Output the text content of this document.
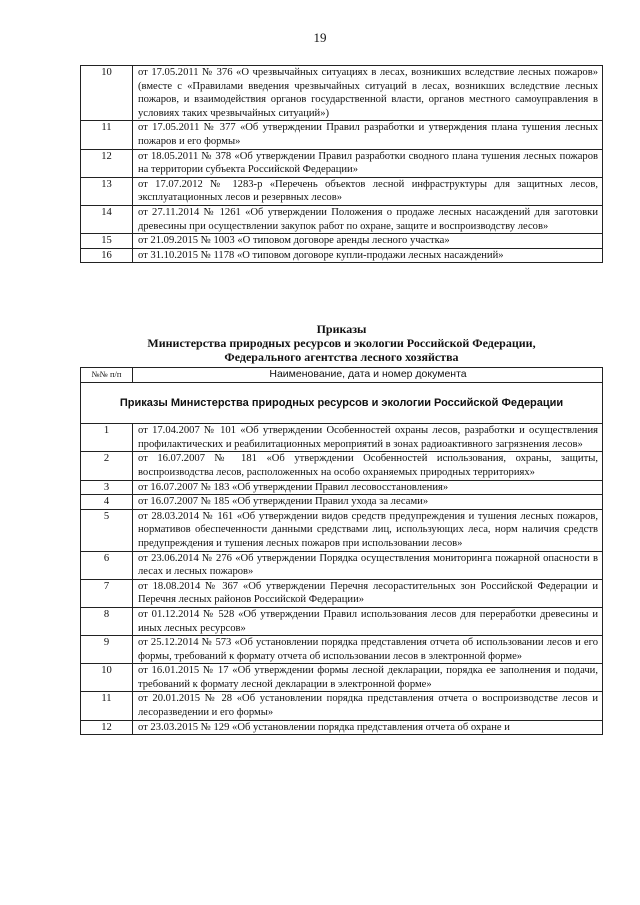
19
10	от 17.05.2011 № 376 «О чрезвычайных ситуациях в лесах, возникших вследствие лесных пожаров» (вместе с «Правилами введения чрезвычайных ситуаций в лесах, возникших вследствие лесных пожаров, и взаимодействия органов государственной власти, органов местного самоуправления в условиях таких чрезвычайных ситуаций»)
11	от 17.05.2011 № 377 «Об утверждении Правил разработки и утверждения плана тушения лесных пожаров и его формы»
12	от 18.05.2011 № 378 «Об утверждении Правил разработки сводного плана тушения лесных пожаров на территории субъекта Российской Федерации»
13	от 17.07.2012 № 1283-р «Перечень объектов лесной инфраструктуры для защитных лесов, эксплуатационных лесов и резервных лесов»
14	от 27.11.2014 № 1261 «Об утверждении Положения о продаже лесных насаждений для заготовки древесины при осуществлении закупок работ по охране, защите и воспроизводству лесов»
15	от 21.09.2015 № 1003 «О типовом договоре аренды лесного участка»
16	от 31.10.2015 № 1178 «О типовом договоре купли-продажи лесных насаждений»
Приказы
Министерства природных ресурсов и экологии Российской Федерации,
Федерального агентства лесного хозяйства
№№ п/п	Наименование, дата и номер документа
Приказы Министерства природных ресурсов и экологии Российской Федерации	
1	от 17.04.2007 № 101 «Об утверждении Особенностей охраны лесов, разработки и осуществления профилактических и реабилитационных мероприятий в зонах радиоактивного загрязнения лесов»
2	от 16.07.2007 № 181 «Об утверждении Особенностей использования, охраны, защиты, воспроизводства лесов, расположенных на особо охраняемых природных территориях»
3	от 16.07.2007 № 183 «Об утверждении Правил лесовосстановления»
4	от 16.07.2007 № 185 «Об утверждении Правил ухода за лесами»
5	от 28.03.2014 № 161 «Об утверждении видов средств предупреждения и тушения лесных пожаров, нормативов обеспеченности данными средствами лиц, использующих леса, норм наличия средств предупреждения и тушения лесных пожаров при использовании лесов»
6	от 23.06.2014 № 276 «Об утверждении Порядка осуществления мониторинга пожарной опасности в лесах и лесных пожаров»
7	от 18.08.2014 № 367 «Об утверждении Перечня лесорастительных зон Российской Федерации и Перечня лесных районов Российской Федерации»
8	от 01.12.2014 № 528 «Об утверждении Правил использования лесов для переработки древесины и иных лесных ресурсов»
9	от 25.12.2014 № 573 «Об установлении порядка представления отчета об использовании лесов и его формы, требований к формату отчета об использовании лесов в электронной форме»
10	от 16.01.2015 № 17 «Об утверждении формы лесной декларации, порядка ее заполнения и подачи, требований к формату лесной декларации в электронной форме»
11	от 20.01.2015 № 28 «Об установлении порядка представления отчета о воспроизводстве лесов и лесоразведении и его формы»
12	от 23.03.2015 № 129 «Об установлении порядка представления отчета об охране и
